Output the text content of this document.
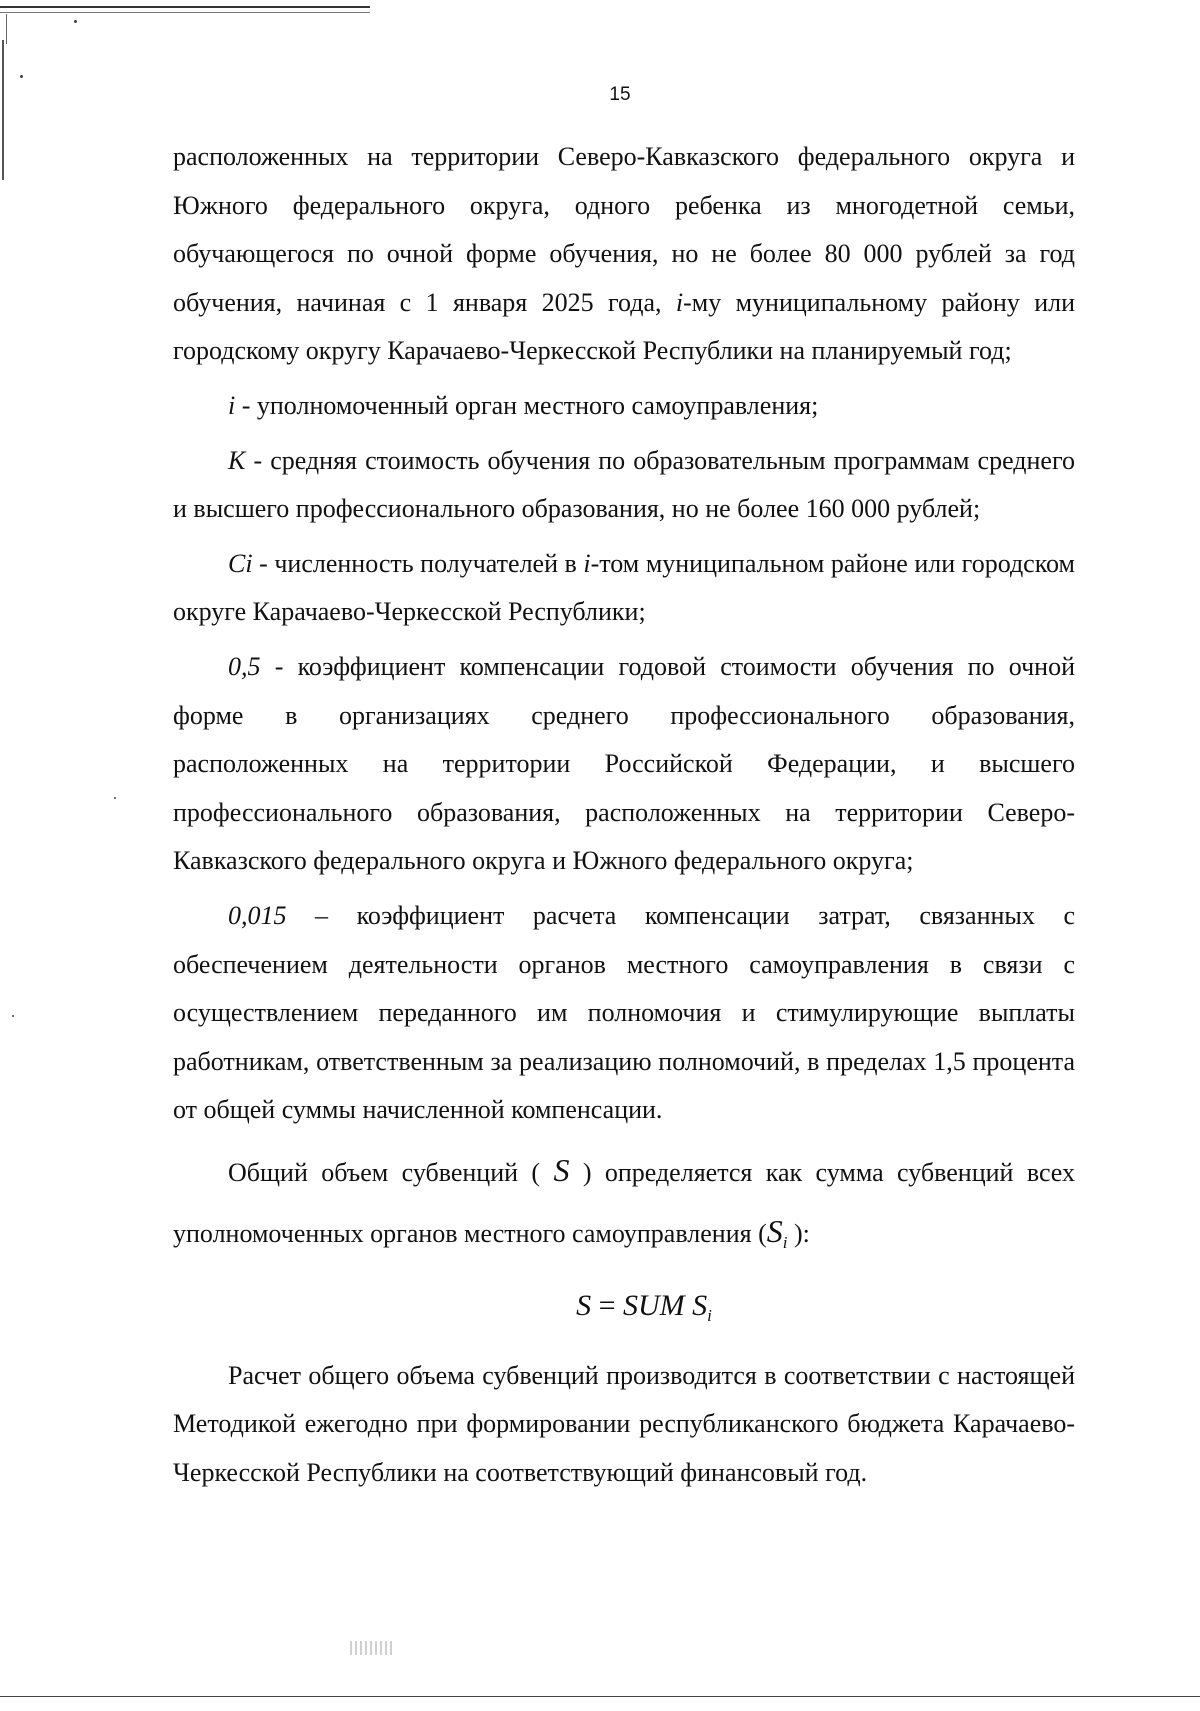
15

расположенных на территории Северо-Кавказского федерального округа и Южного федерального округа, одного ребенка из многодетной семьи, обучающегося по очной форме обучения, но не более 80 000 рублей за год обучения, начиная с 1 января 2025 года, i-му муниципальному району или городскому округу Карачаево-Черкесской Республики на планируемый год;

i - уполномоченный орган местного самоуправления;

K - средняя стоимость обучения по образовательным программам среднего и высшего профессионального образования, но не более 160 000 рублей;

Ci - численность получателей в i-том муниципальном районе или городском округе Карачаево-Черкесской Республики;

0,5 - коэффициент компенсации годовой стоимости обучения по очной форме в организациях среднего профессионального образования, расположенных на территории Российской Федерации, и высшего профессионального образования, расположенных на территории Северо-Кавказского федерального округа и Южного федерального округа;

0,015 – коэффициент расчета компенсации затрат, связанных с обеспечением деятельности органов местного самоуправления в связи с осуществлением переданного им полномочия и стимулирующие выплаты работникам, ответственным за реализацию полномочий, в пределах 1,5 процента от общей суммы начисленной компенсации.

Общий объем субвенций ( S ) определяется как сумма субвенций всех уполномоченных органов местного самоуправления ($S_i$ ):

S = SUM $S_i$

Расчет общего объема субвенций производится в соответствии с настоящей Методикой ежегодно при формировании республиканского бюджета Карачаево-Черкесской Республики на соответствующий финансовый год.
